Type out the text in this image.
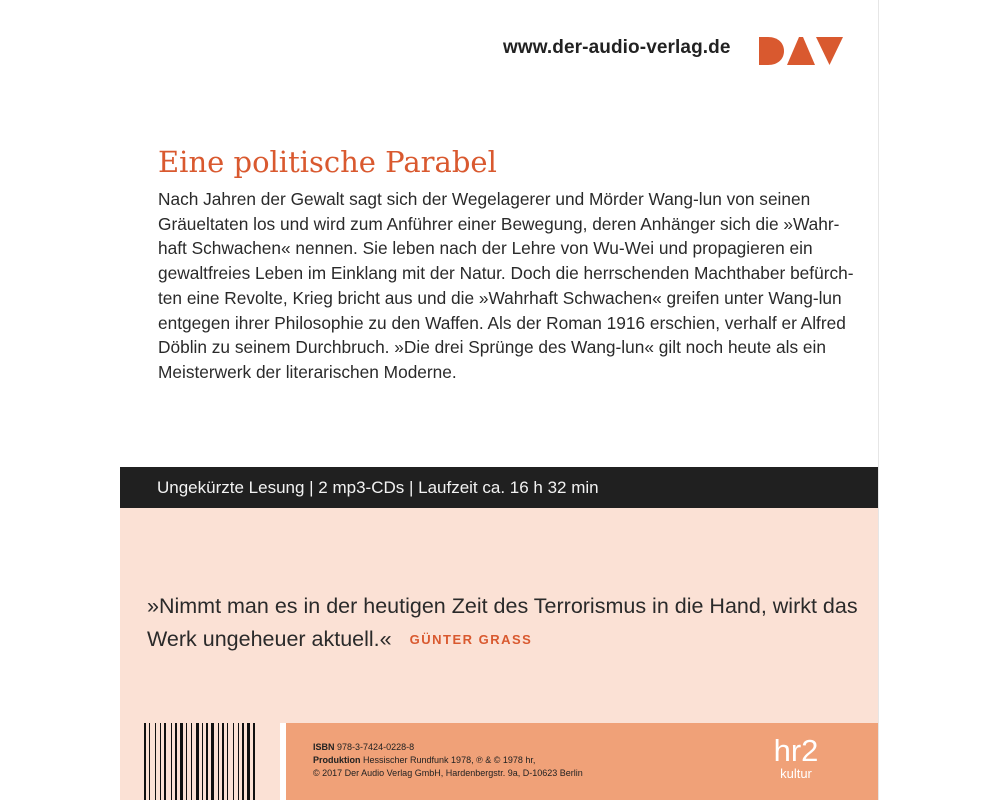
www.der-audio-verlag.de
Eine politische Parabel

Nach Jahren der Gewalt sagt sich der Wegelagerer und Mörder Wang-lun von seinen

Gräueltaten los und wird zum Anführer einer Bewegung, deren Anhänger sich die »Wahr-

haft Schwachen« nennen. Sie leben nach der Lehre von Wu-Wei und propagieren ein

gewaltfreies Leben im Einklang mit der Natur. Doch die herrschenden Machthaber befürch-

ten eine Revolte, Krieg bricht aus und die »Wahrhaft Schwachen« greifen unter Wang-lun

entgegen ihrer Philosophie zu den Waffen. Als der Roman 1916 erschien, verhalf er Alfred

Döblin zu seinem Durchbruch. »Die drei Sprünge des Wang-lun« gilt noch heute als ein

Meisterwerk der literarischen Moderne.

Ungekürzte Lesung | 2 mp3-CDs | Laufzeit ca. 16 h 32 min
»Nimmt man es in der heutigen Zeit des Terrorismus in die Hand, wirkt das
Werk ungeheuer aktuell.« GÜNTER GRASS
ISBN 978-3-7424-0228-8
Produktion Hessischer Rundfunk 1978, ℗ & © 1978 hr,
© 2017 Der Audio Verlag GmbH, Hardenbergstr. 9a, D-10623 Berlin
hr2
kultur
